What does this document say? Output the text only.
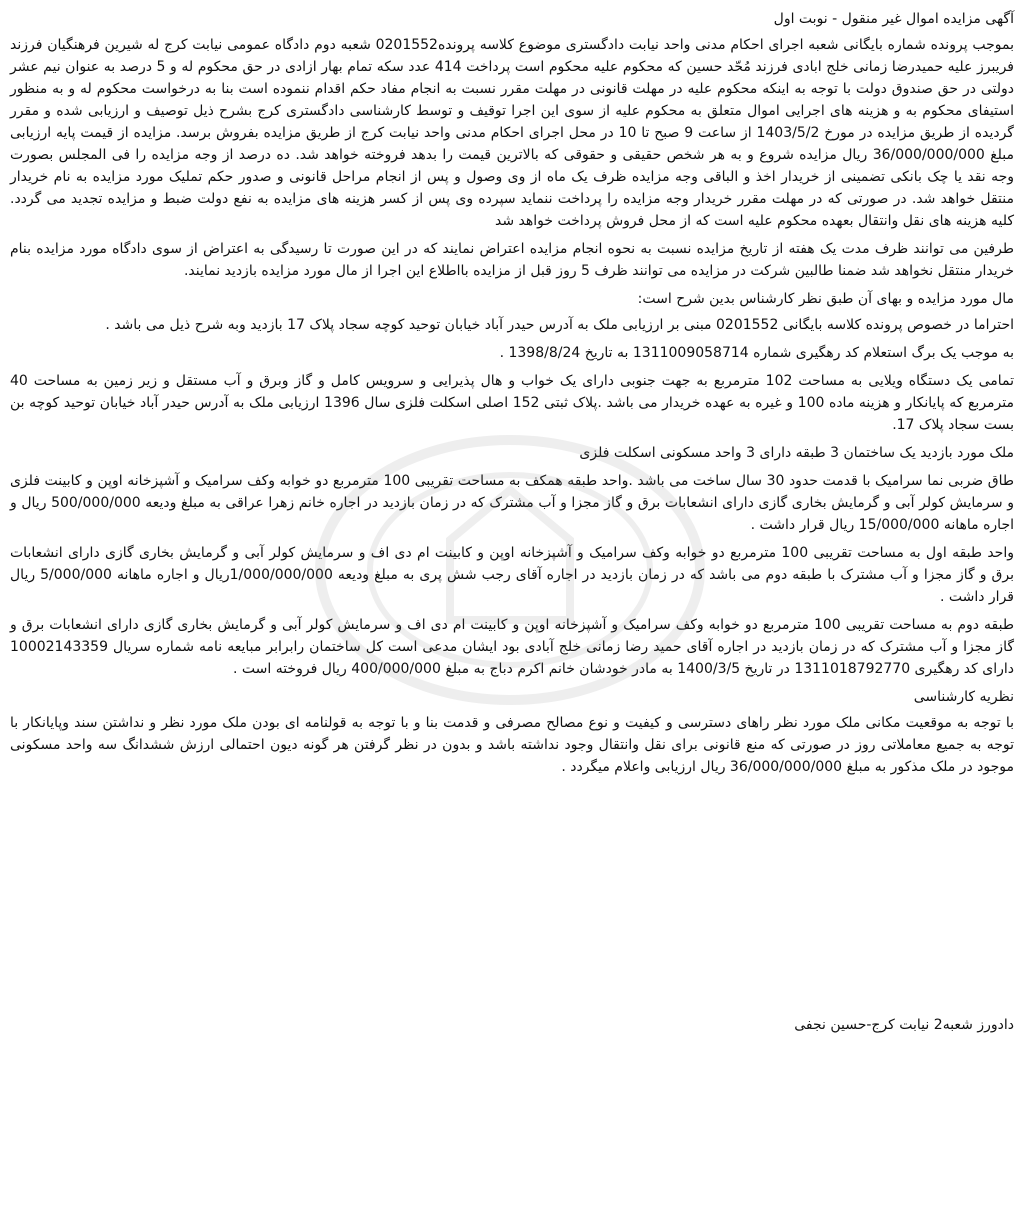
آگهی مزایده اموال غیر منقول - نوبت اول
بموجب پرونده شماره بایگانی شعبه اجرای احکام مدنی واحد نیابت دادگستری موضوع کلاسه پرونده0201552 شعبه دوم دادگاه عمومی نیابت کرج له شیرین فرهنگیان فرزند فریبرز علیه حمیدرضا زمانی خلج ابادی فرزند مُحّد حسین که محکوم علیه محکوم است پرداخت 414 عدد سکه تمام بهار ازادی در حق محکوم له و 5 درصد به عنوان نیم عشر دولتی در حق صندوق دولت با توجه به اینکه محکوم علیه در مهلت قانونی در مهلت مقرر نسبت به انجام مفاد حکم اقدام ننموده است بنا به درخواست محکوم له و به منظور استیفای محکوم به و هزینه های اجرایی اموال متعلق به محکوم علیه از سوی این اجرا توقیف و توسط کارشناسی دادگستری کرج بشرح ذیل توصیف و ارزیابی شده و مقرر گردیده از طریق مزایده در مورخ 1403/5/2 از ساعت 9 صبح تا 10 در محل اجرای احکام مدنی واحد نیابت کرج از طریق مزایده بفروش برسد. مزایده از قیمت پایه ارزیابی مبلغ 36/000/000/000 ریال مزایده شروع و به هر شخص حقیقی و حقوقی که بالاترین قیمت را بدهد فروخته خواهد شد. ده درصد از وجه مزایده را فی المجلس بصورت وجه نقد یا چک بانکی تضمینی از خریدار اخذ و الباقی وجه مزایده ظرف یک ماه از وی وصول و پس از انجام مراحل قانونی و صدور حکم تملیک مورد مزایده به نام خریدار منتقل خواهد شد. در صورتی که در مهلت مقرر خریدار وجه مزایده را پرداخت ننماید سپرده وی پس از کسر هزینه های مزایده به نفع دولت ضبط و مزایده تجدید می گردد. کلیه هزینه های نقل وانتقال بعهده محکوم علیه است که از محل فروش پرداخت خواهد شد
طرفین می توانند ظرف مدت یک هفته از تاریخ مزایده نسبت به نحوه انجام مزایده اعتراض نمایند که در این صورت تا رسیدگی به اعتراض از سوی دادگاه مورد مزایده بنام خریدار منتقل نخواهد شد ضمنا طالبین شرکت در مزایده می توانند ظرف 5 روز قبل از مزایده بااطلاع این اجرا از مال مورد مزایده بازدید نمایند.
مال مورد مزایده و بهای آن طبق نظر کارشناس بدین شرح است:
احتراما در خصوص پرونده کلاسه بایگانی 0201552 مبنی بر ارزیابی ملک به آدرس حیدر آباد خیابان توحید کوچه سجاد پلاک 17 بازدید وبه شرح ذیل می باشد .
به موجب یک برگ استعلام کد رهگیری شماره 1311009058714 به تاریخ 1398/8/24 .
تمامی یک دستگاه ویلایی به مساحت 102 مترمربع به جهت جنوبی دارای یک خواب و هال پذیرایی و سرویس کامل و گاز وبرق و آب مستقل و زیر زمین به مساحت 40 مترمربع که پایانکار و هزینه ماده 100 و غیره به عهده خریدار می باشد .پلاک ثبتی 152 اصلی اسکلت فلزی سال 1396 ارزیابی ملک به آدرس حیدر آباد خیابان توحید کوچه بن بست سجاد پلاک 17.
ملک مورد بازدید یک ساختمان 3 طبقه دارای 3 واحد مسکونی اسکلت فلزی
طاق ضربی نما سرامیک با قدمت حدود 30 سال ساخت می باشد .واحد طبقه همکف به مساحت تقریبی 100 مترمربع دو خوابه وکف سرامیک و آشپزخانه اوپن و کابینت فلزی و سرمایش کولر آبی و گرمایش بخاری گازی دارای انشعابات برق و گاز مجزا و آب مشترک که در زمان بازدید در اجاره خانم زهرا عراقی به مبلغ ودیعه 500/000/000 ریال و اجاره ماهانه 15/000/000 ریال قرار داشت .
واحد طبقه اول به مساحت تقریبی 100 مترمربع دو خوابه وکف سرامیک و آشپزخانه اوپن و کابینت ام دی اف و سرمایش کولر آبی و گرمایش بخاری گازی دارای انشعابات برق و گاز مجزا و آب مشترک با طبقه دوم می باشد که در زمان بازدید در اجاره آقای رجب شش پری به مبلغ ودیعه 1/000/000/000ریال و اجاره ماهانه 5/000/000 ریال قرار داشت .
طبقه دوم به مساحت تقریبی 100 مترمربع دو خوابه وکف سرامیک و آشپزخانه اوپن و کابینت ام دی اف و سرمایش کولر آبی و گرمایش بخاری گازی دارای انشعابات برق و گاز مجزا و آب مشترک که در زمان بازدید در اجاره آقای حمید رضا زمانی خلج آبادی بود ایشان مدعی است کل ساختمان رابرابر مبایعه نامه شماره سریال 10002143359 دارای کد رهگیری 1311018792770 در تاریخ 1400/3/5 به مادر خودشان خانم اکرم دباج به مبلغ 400/000/000 ریال فروخته است .
نظریه کارشناسی
با توجه به موقعیت مکانی ملک مورد نظر راهای دسترسی و کیفیت و نوع مصالح مصرفی و قدمت بنا و با توجه به قولنامه ای بودن ملک مورد نظر و نداشتن سند وپایانکار با توجه به جمیع معاملاتی روز در صورتی که منع قانونی برای نقل وانتقال وجود نداشته باشد و بدون در نظر گرفتن هر گونه دیون احتمالی ارزش ششدانگ سه واحد مسکونی موجود در ملک مذکور به مبلغ 36/000/000/000 ریال ارزیابی واعلام میگردد .
دادورز شعبه2 نیابت کرج-حسین نجفی
